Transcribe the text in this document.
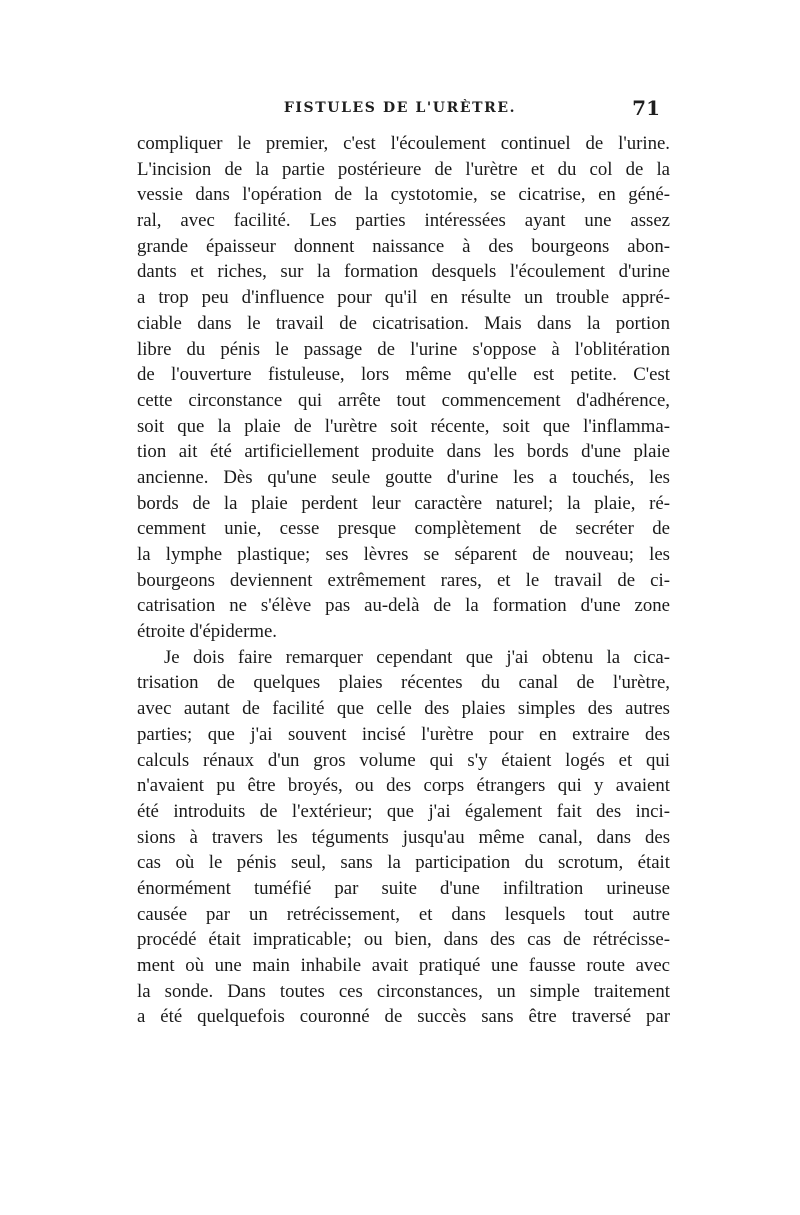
FISTULES DE L'URÈTRE.	71
compliquer le premier, c'est l'écoulement continuel de l'urine.
L'incision de la partie postérieure de l'urètre et du col de la
vessie dans l'opération de la cystotomie, se cicatrise, en géné-
ral, avec facilité. Les parties intéressées ayant une assez
grande épaisseur donnent naissance à des bourgeons abon-
dants et riches, sur la formation desquels l'écoulement d'urine
a trop peu d'influence pour qu'il en résulte un trouble appré-
ciable dans le travail de cicatrisation. Mais dans la portion
libre du pénis le passage de l'urine s'oppose à l'oblitération
de l'ouverture fistuleuse, lors même qu'elle est petite. C'est
cette circonstance qui arrête tout commencement d'adhérence,
soit que la plaie de l'urètre soit récente, soit que l'inflamma-
tion ait été artificiellement produite dans les bords d'une plaie
ancienne. Dès qu'une seule goutte d'urine les a touchés, les
bords de la plaie perdent leur caractère naturel; la plaie, ré-
cemment unie, cesse presque complètement de secréter de
la lymphe plastique; ses lèvres se séparent de nouveau; les
bourgeons deviennent extrêmement rares, et le travail de ci-
catrisation ne s'élève pas au-delà de la formation d'une zone
étroite d'épiderme.
Je dois faire remarquer cependant que j'ai obtenu la cica-
trisation de quelques plaies récentes du canal de l'urètre,
avec autant de facilité que celle des plaies simples des autres
parties; que j'ai souvent incisé l'urètre pour en extraire des
calculs rénaux d'un gros volume qui s'y étaient logés et qui
n'avaient pu être broyés, ou des corps étrangers qui y avaient
été introduits de l'extérieur; que j'ai également fait des inci-
sions à travers les téguments jusqu'au même canal, dans des
cas où le pénis seul, sans la participation du scrotum, était
énormément tuméfié par suite d'une infiltration urineuse
causée par un retrécissement, et dans lesquels tout autre
procédé était impraticable; ou bien, dans des cas de rétrécisse-
ment où une main inhabile avait pratiqué une fausse route avec
la sonde. Dans toutes ces circonstances, un simple traitement
a été quelquefois couronné de succès sans être traversé par
